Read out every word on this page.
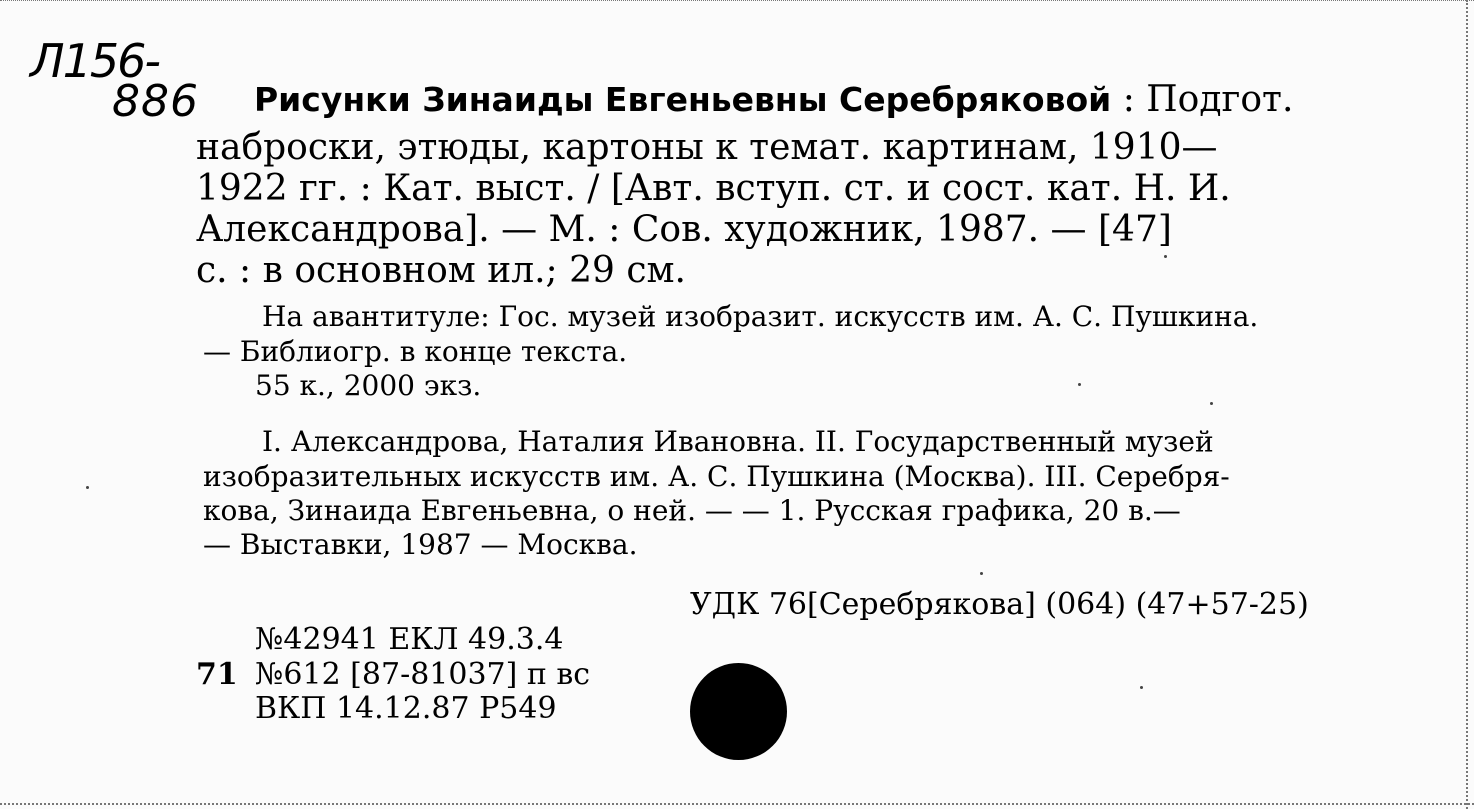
Л156-
886 Рисунки Зинаиды Евгеньевны Серебряковой : Подгот.
наброски, этюды, картоны к темат. картинам, 1910—
1922 гг. : Кат. выст. / [Авт. вступ. ст. и сост. кат. Н. И.
Александрова]. — М. : Сов. художник, 1987. — [47]
с. : в основном ил.; 29 см.
На авантитуле: Гос. музей изобразит. искусств им. А. С. Пушкина.
— Библиогр. в конце текста.
55 к., 2000 экз.
I. Александрова, Наталия Ивановна. II. Государственный музей
изобразительных искусств им. А. С. Пушкина (Москва). III. Серебря-
кова, Зинаида Евгеньевна, о ней. — — 1. Русская графика, 20 в.—
— Выставки, 1987 — Москва.
УДК 76[Серебрякова] (064) (47+57-25)
№42941 ЕКЛ 49.3.4
71 №612 [87-81037] п вс
ВКП 14.12.87 Р549
